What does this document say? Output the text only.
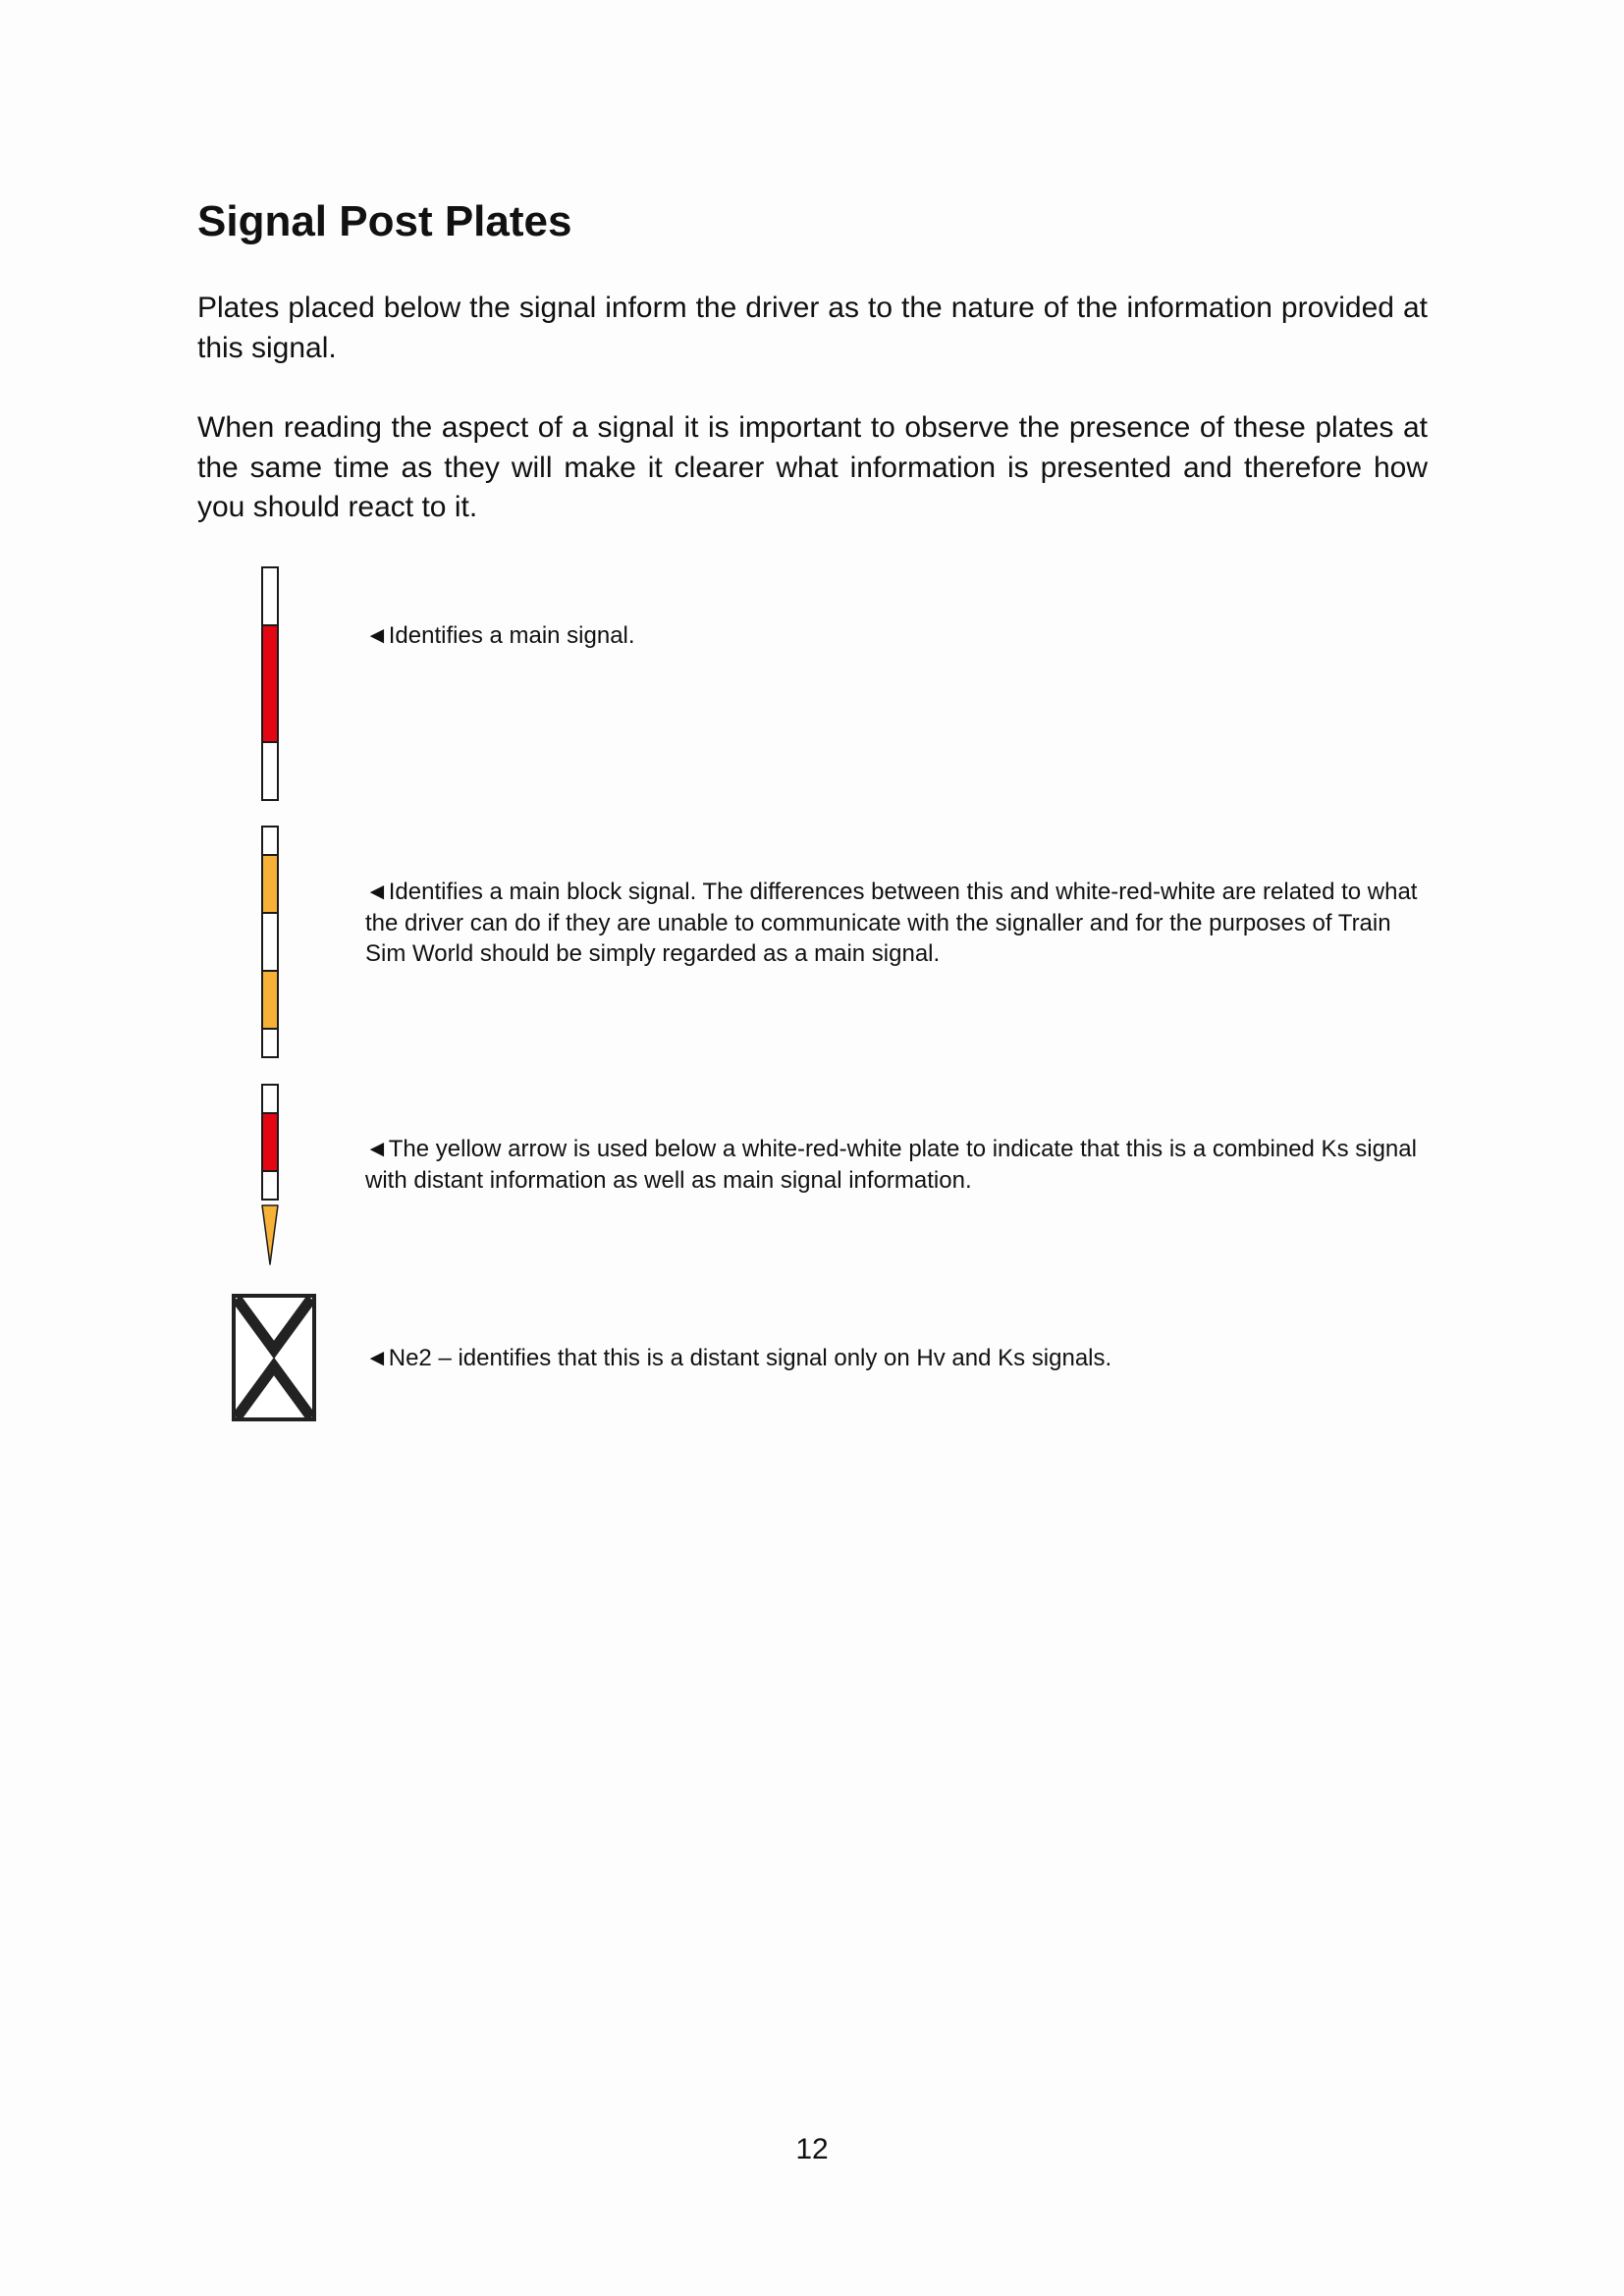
Signal Post Plates

Plates placed below the signal inform the driver as to the nature of the information provided at this signal.

When reading the aspect of a signal it is important to observe the presence of these plates at the same time as they will make it clearer what information is presented and therefore how you should react to it.

◄Identifies a main signal.

◄Identifies a main block signal. The differences between this and white-red-white are related to what the driver can do if they are unable to communicate with the signaller and for the purposes of Train Sim World should be simply regarded as a main signal.

◄The yellow arrow is used below a white-red-white plate to indicate that this is a combined Ks signal with distant information as well as main signal information.

◄Ne2 – identifies that this is a distant signal only on Hv and Ks signals.

12
